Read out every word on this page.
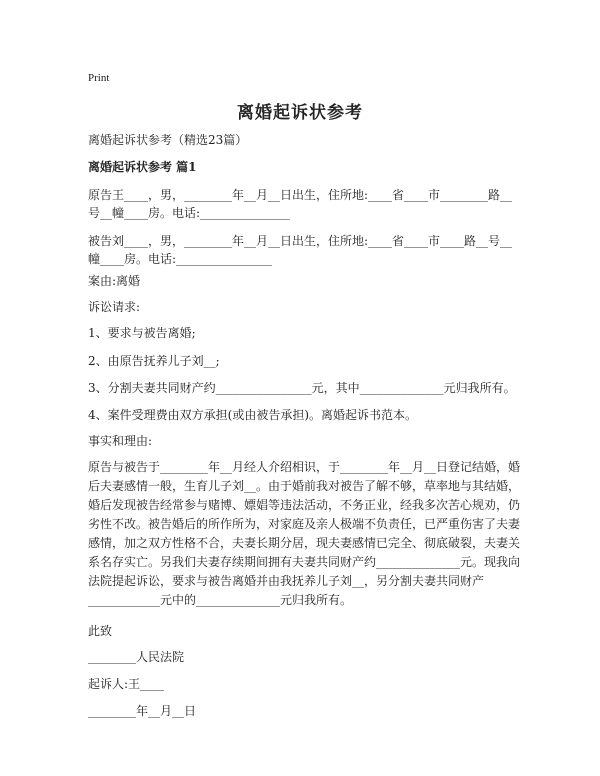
Print
离婚起诉状参考
离婚起诉状参考（精选23篇）
离婚起诉状参考 篇1
原告王____，男，________年__月__日出生，住所地:____省____市________路__
号__幢____房。电话:_______________
被告刘____，男，________年__月__日出生，住所地:____省____市____路__号__
幢____房。电话:________________
案由:离婚
诉讼请求:
1、要求与被告离婚;
2、由原告抚养儿子刘__;
3、分割夫妻共同财产约________________元，其中______________元归我所有。
4、案件受理费由双方承担(或由被告承担)。离婚起诉书范本。
事实和理由:
原告与被告于________年__月经人介绍相识，于________年__月__日登记结婚，婚
后夫妻感情一般，生育儿子刘__。由于婚前我对被告了解不够，草率地与其结婚，
婚后发现被告经常参与赌博、嫖娼等违法活动，不务正业，经我多次苦心规劝，仍
劣性不改。被告婚后的所作所为，对家庭及亲人极端不负责任，已严重伤害了夫妻
感情，加之双方性格不合，夫妻长期分居，现夫妻感情已完全、彻底破裂，夫妻关
系名存实亡。另我们夫妻存续期间拥有夫妻共同财产约______________元。现我向
法院提起诉讼，要求与被告离婚并由我抚养儿子刘__，另分割夫妻共同财产
____________元中的______________元归我所有。
此致
________人民法院
起诉人:王____
________年__月__日
